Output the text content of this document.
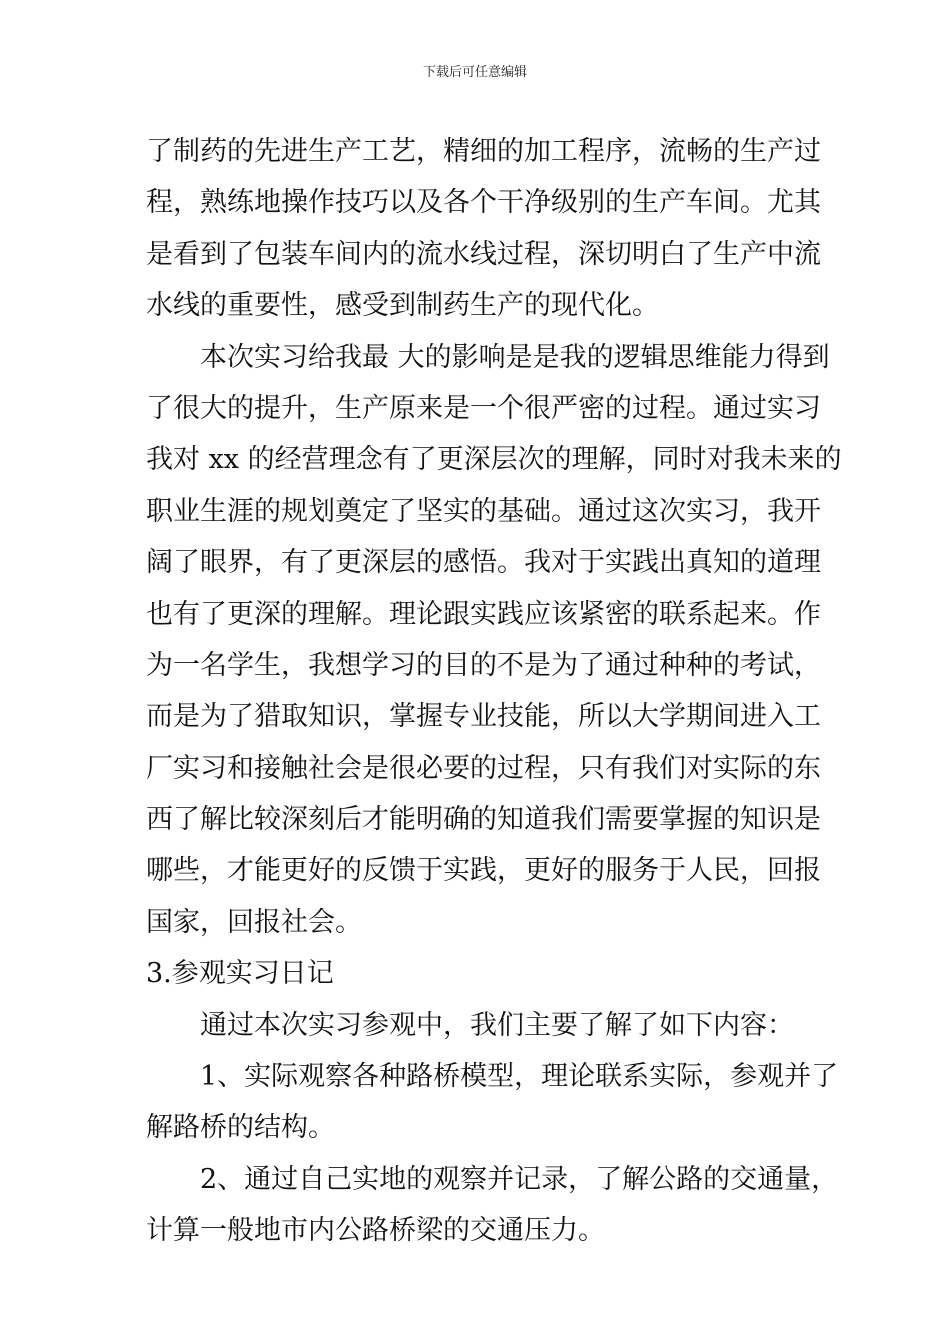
下载后可任意编辑
了制药的先进生产工艺，精细的加工程序，流畅的生产过
程，熟练地操作技巧以及各个干净级别的生产车间。尤其
是看到了包装车间内的流水线过程，深切明白了生产中流
水线的重要性，感受到制药生产的现代化。
本次实习给我最 大的影响是是我的逻辑思维能力得到
了很大的提升，生产原来是一个很严密的过程。通过实习
我对 xx 的经营理念有了更深层次的理解，同时对我未来的
职业生涯的规划奠定了坚实的基础。通过这次实习，我开
阔了眼界，有了更深层的感悟。我对于实践出真知的道理
也有了更深的理解。理论跟实践应该紧密的联系起来。作
为一名学生，我想学习的目的不是为了通过种种的考试，
而是为了猎取知识，掌握专业技能，所以大学期间进入工
厂实习和接触社会是很必要的过程，只有我们对实际的东
西了解比较深刻后才能明确的知道我们需要掌握的知识是
哪些，才能更好的反馈于实践，更好的服务于人民，回报
国家，回报社会。
3.参观实习日记
通过本次实习参观中，我们主要了解了如下内容：
1、实际观察各种路桥模型，理论联系实际，参观并了
解路桥的结构。
2、通过自己实地的观察并记录，了解公路的交通量，
计算一般地市内公路桥梁的交通压力。
